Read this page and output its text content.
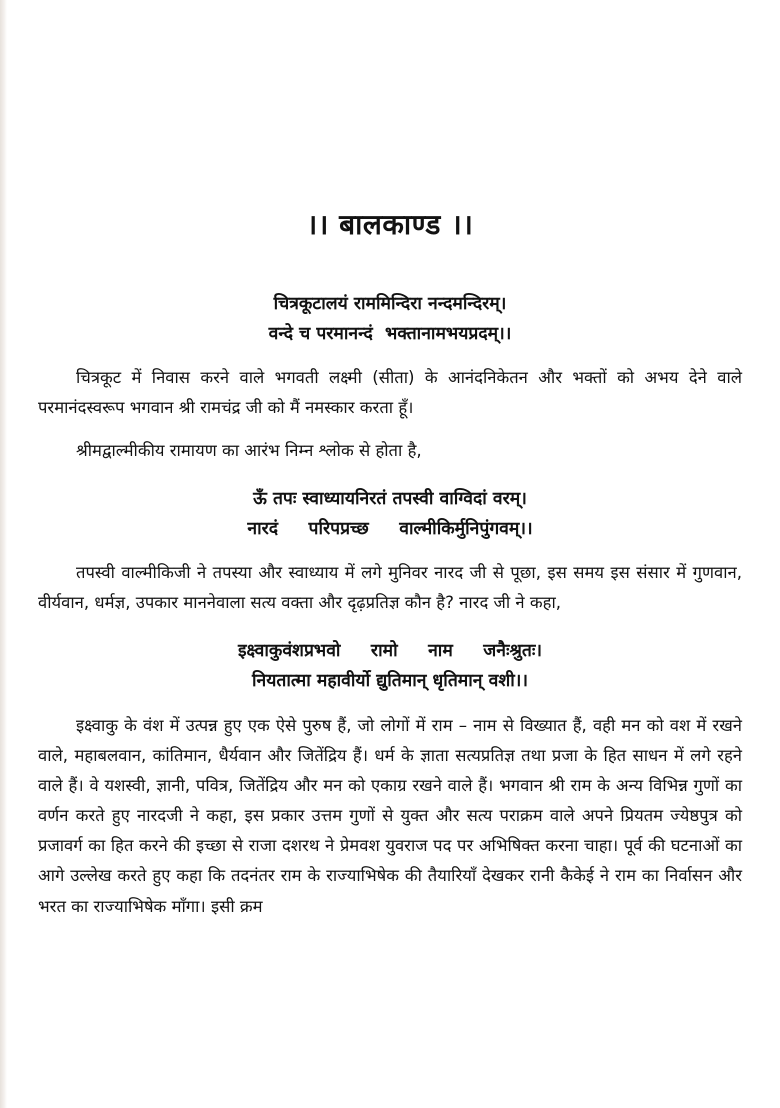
।। बालकाण्ड ।।
चित्रकूटालयं राममिन्दिरा नन्दमन्दिरम्।
वन्दे च परमानन्दं  भक्तानामभयप्रदम्।।

चित्रकूट में निवास करने वाले भगवती लक्ष्मी (सीता) के आनंदनिकेतन और भक्तों को अभय देने वाले परमानंदस्वरूप भगवान श्री रामचंद्र जी को मैं नमस्कार करता हूँ।

श्रीमद्वाल्मीकीय रामायण का आरंभ निम्न श्लोक से होता है,

ऊँ तपः स्वाध्यायनिरतं तपस्वी वाग्विदां वरम्।
नारदं     परिपप्रच्छ     वाल्मीकिर्मुनिपुंगवम्।।

तपस्वी वाल्मीकिजी ने तपस्या और स्वाध्याय में लगे मुनिवर नारद जी से पूछा, इस समय इस संसार में गुणवान, वीर्यवान, धर्मज्ञ, उपकार माननेवाला सत्य वक्ता और दृढ़प्रतिज्ञ कौन है? नारद जी ने कहा,

इक्ष्वाकुवंशप्रभवो     रामो     नाम     जनैःश्रुतः।
नियतात्मा महावीर्यो द्युतिमान् धृतिमान् वशी।।

इक्ष्वाकु के वंश में उत्पन्न हुए एक ऐसे पुरुष हैं, जो लोगों में राम – नाम से विख्यात हैं, वही मन को वश में रखने वाले, महाबलवान, कांतिमान, धैर्यवान और जितेंद्रिय हैं। धर्म के ज्ञाता सत्यप्रतिज्ञ तथा प्रजा के हित साधन में लगे रहने वाले हैं। वे यशस्वी, ज्ञानी, पवित्र, जितेंद्रिय और मन को एकाग्र रखने वाले हैं। भगवान श्री राम के अन्य विभिन्न गुणों का वर्णन करते हुए नारदजी ने कहा, इस प्रकार उत्तम गुणों से युक्त और सत्य पराक्रम वाले अपने प्रियतम ज्येष्ठपुत्र को प्रजावर्ग का हित करने की इच्छा से राजा दशरथ ने प्रेमवश युवराज पद पर अभिषिक्त करना चाहा। पूर्व की घटनाओं का आगे उल्लेख करते हुए कहा कि तदनंतर राम के राज्याभिषेक की तैयारियाँ देखकर रानी कैकेई ने राम का निर्वासन और भरत का राज्याभिषेक माँगा। इसी क्रम
